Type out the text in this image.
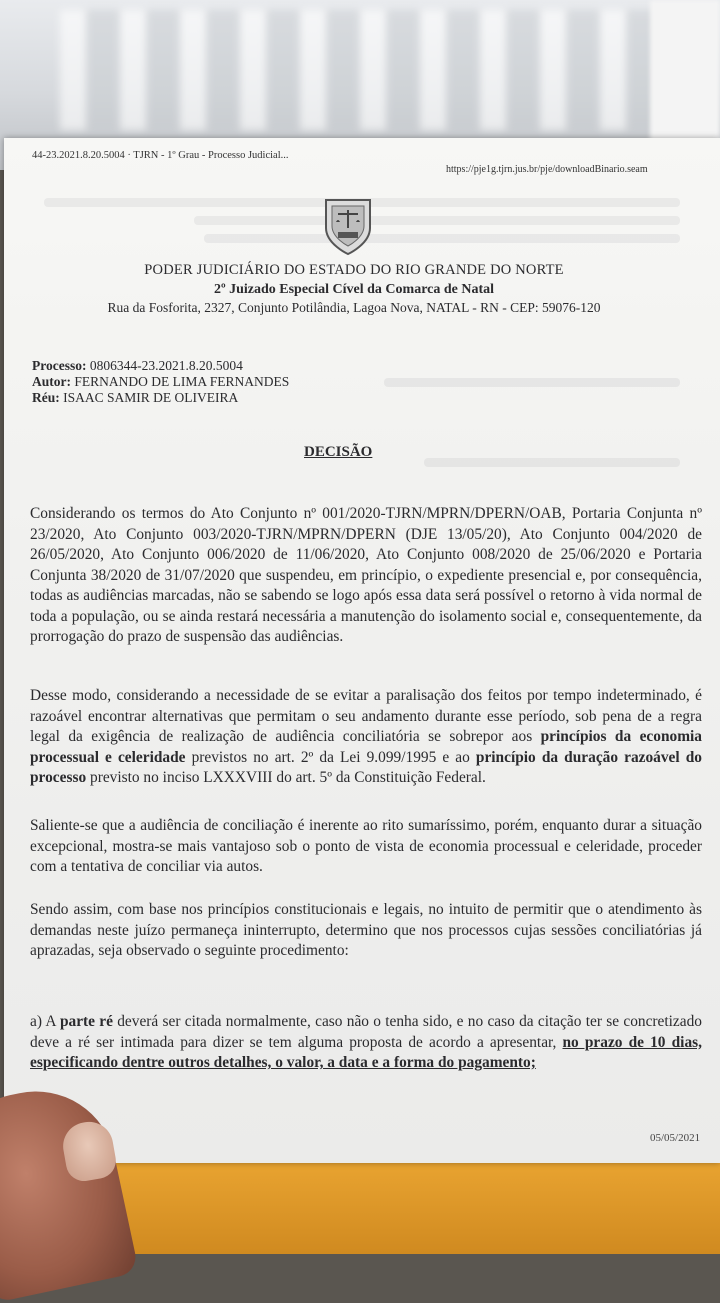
44-23.2021.8.20.5004 · TJRN - 1º Grau - Processo Judicial...
https://pje1g.tjrn.jus.br/pje/downloadBinario.seam
PODER JUDICIÁRIO DO ESTADO DO RIO GRANDE DO NORTE
2º Juizado Especial Cível da Comarca de Natal
Rua da Fosforita, 2327, Conjunto Potilândia, Lagoa Nova, NATAL - RN - CEP: 59076-120
Processo: 0806344-23.2021.8.20.5004
Autor: FERNANDO DE LIMA FERNANDES
Réu: ISAAC SAMIR DE OLIVEIRA
DECISÃO
Considerando os termos do Ato Conjunto nº 001/2020-TJRN/MPRN/DPERN/OAB, Portaria Conjunta nº 23/2020, Ato Conjunto 003/2020-TJRN/MPRN/DPERN (DJE 13/05/20), Ato Conjunto 004/2020 de 26/05/2020, Ato Conjunto 006/2020 de 11/06/2020, Ato Conjunto 008/2020 de 25/06/2020 e Portaria Conjunta 38/2020 de 31/07/2020 que suspendeu, em princípio, o expediente presencial e, por consequência, todas as audiências marcadas, não se sabendo se logo após essa data será possível o retorno à vida normal de toda a população, ou se ainda restará necessária a manutenção do isolamento social e, consequentemente, da prorrogação do prazo de suspensão das audiências.
Desse modo, considerando a necessidade de se evitar a paralisação dos feitos por tempo indeterminado, é razoável encontrar alternativas que permitam o seu andamento durante esse período, sob pena de a regra legal da exigência de realização de audiência conciliatória se sobrepor aos princípios da economia processual e celeridade previstos no art. 2º da Lei 9.099/1995 e ao princípio da duração razoável do processo previsto no inciso LXXXVIII do art. 5º da Constituição Federal.
Saliente-se que a audiência de conciliação é inerente ao rito sumaríssimo, porém, enquanto durar a situação excepcional, mostra-se mais vantajoso sob o ponto de vista de economia processual e celeridade, proceder com a tentativa de conciliar via autos.
Sendo assim, com base nos princípios constitucionais e legais, no intuito de permitir que o atendimento às demandas neste juízo permaneça ininterrupto, determino que nos processos cujas sessões conciliatórias já aprazadas, seja observado o seguinte procedimento:
a) A parte ré deverá ser citada normalmente, caso não o tenha sido, e no caso da citação ter se concretizado deve a ré ser intimada para dizer se tem alguma proposta de acordo a apresentar, no prazo de 10 dias, especificando dentre outros detalhes, o valor, a data e a forma do pagamento;
05/05/2021
